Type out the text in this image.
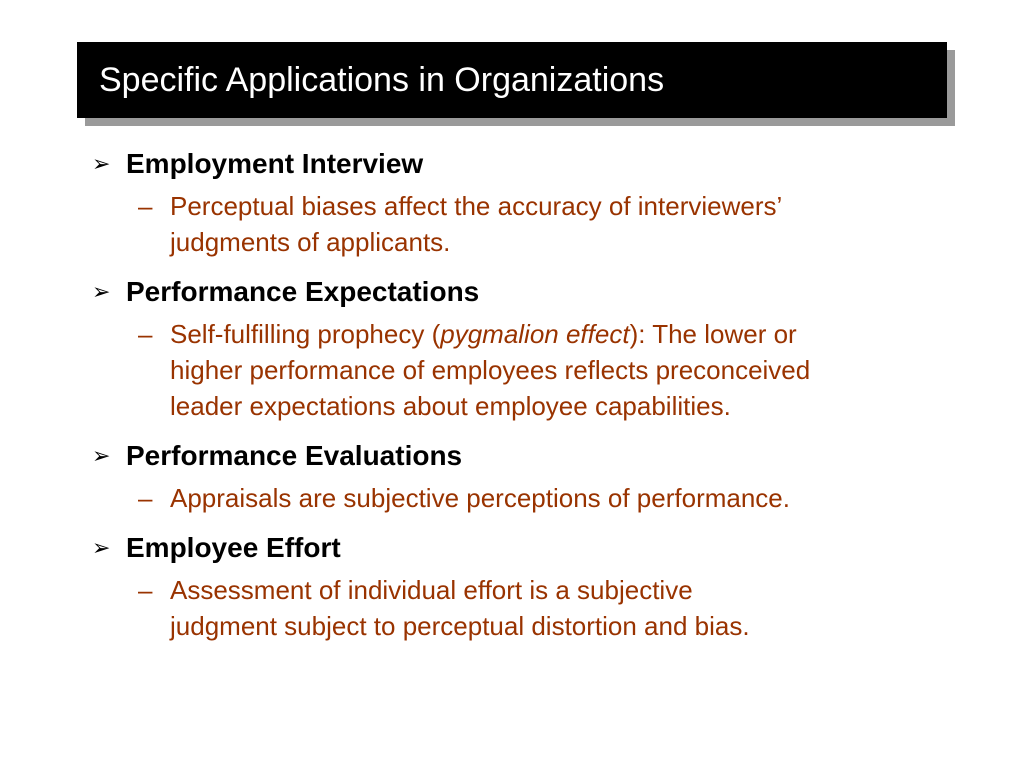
Specific Applications in Organizations
➢ Employment Interview
– Perceptual biases affect the accuracy of interviewers’
judgments of applicants.
➢ Performance Expectations
– Self-fulfilling prophecy (pygmalion effect): The lower or
higher performance of employees reflects preconceived
leader expectations about employee capabilities.
➢ Performance Evaluations
– Appraisals are subjective perceptions of performance.
➢ Employee Effort
– Assessment of individual effort is a subjective
judgment subject to perceptual distortion and bias.
